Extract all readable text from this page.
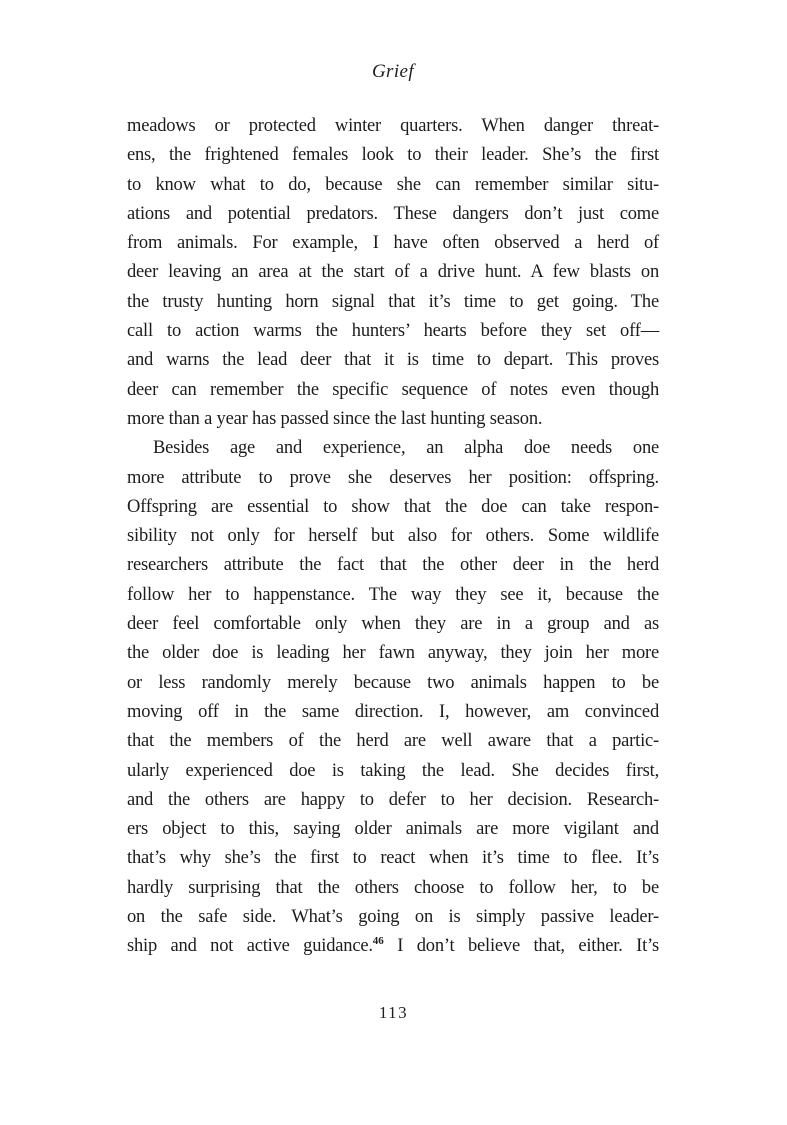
Grief
meadows or protected winter quarters. When danger threat-
ens, the frightened females look to their leader. She’s the first
to know what to do, because she can remember similar situ-
ations and potential predators. These dangers don’t just come
from animals. For example, I have often observed a herd of
deer leaving an area at the start of a drive hunt. A few blasts on
the trusty hunting horn signal that it’s time to get going. The
call to action warms the hunters’ hearts before they set off—
and warns the lead deer that it is time to depart. This proves
deer can remember the specific sequence of notes even though
more than a year has passed since the last hunting season.
Besides age and experience, an alpha doe needs one
more attribute to prove she deserves her position: offspring.
Offspring are essential to show that the doe can take respon-
sibility not only for herself but also for others. Some wildlife
researchers attribute the fact that the other deer in the herd
follow her to happenstance. The way they see it, because the
deer feel comfortable only when they are in a group and as
the older doe is leading her fawn anyway, they join her more
or less randomly merely because two animals happen to be
moving off in the same direction. I, however, am convinced
that the members of the herd are well aware that a partic-
ularly experienced doe is taking the lead. She decides first,
and the others are happy to defer to her decision. Research-
ers object to this, saying older animals are more vigilant and
that’s why she’s the first to react when it’s time to flee. It’s
hardly surprising that the others choose to follow her, to be
on the safe side. What’s going on is simply passive leader-
ship and not active guidance.$^{46}$ I don’t believe that, either. It’s
113
